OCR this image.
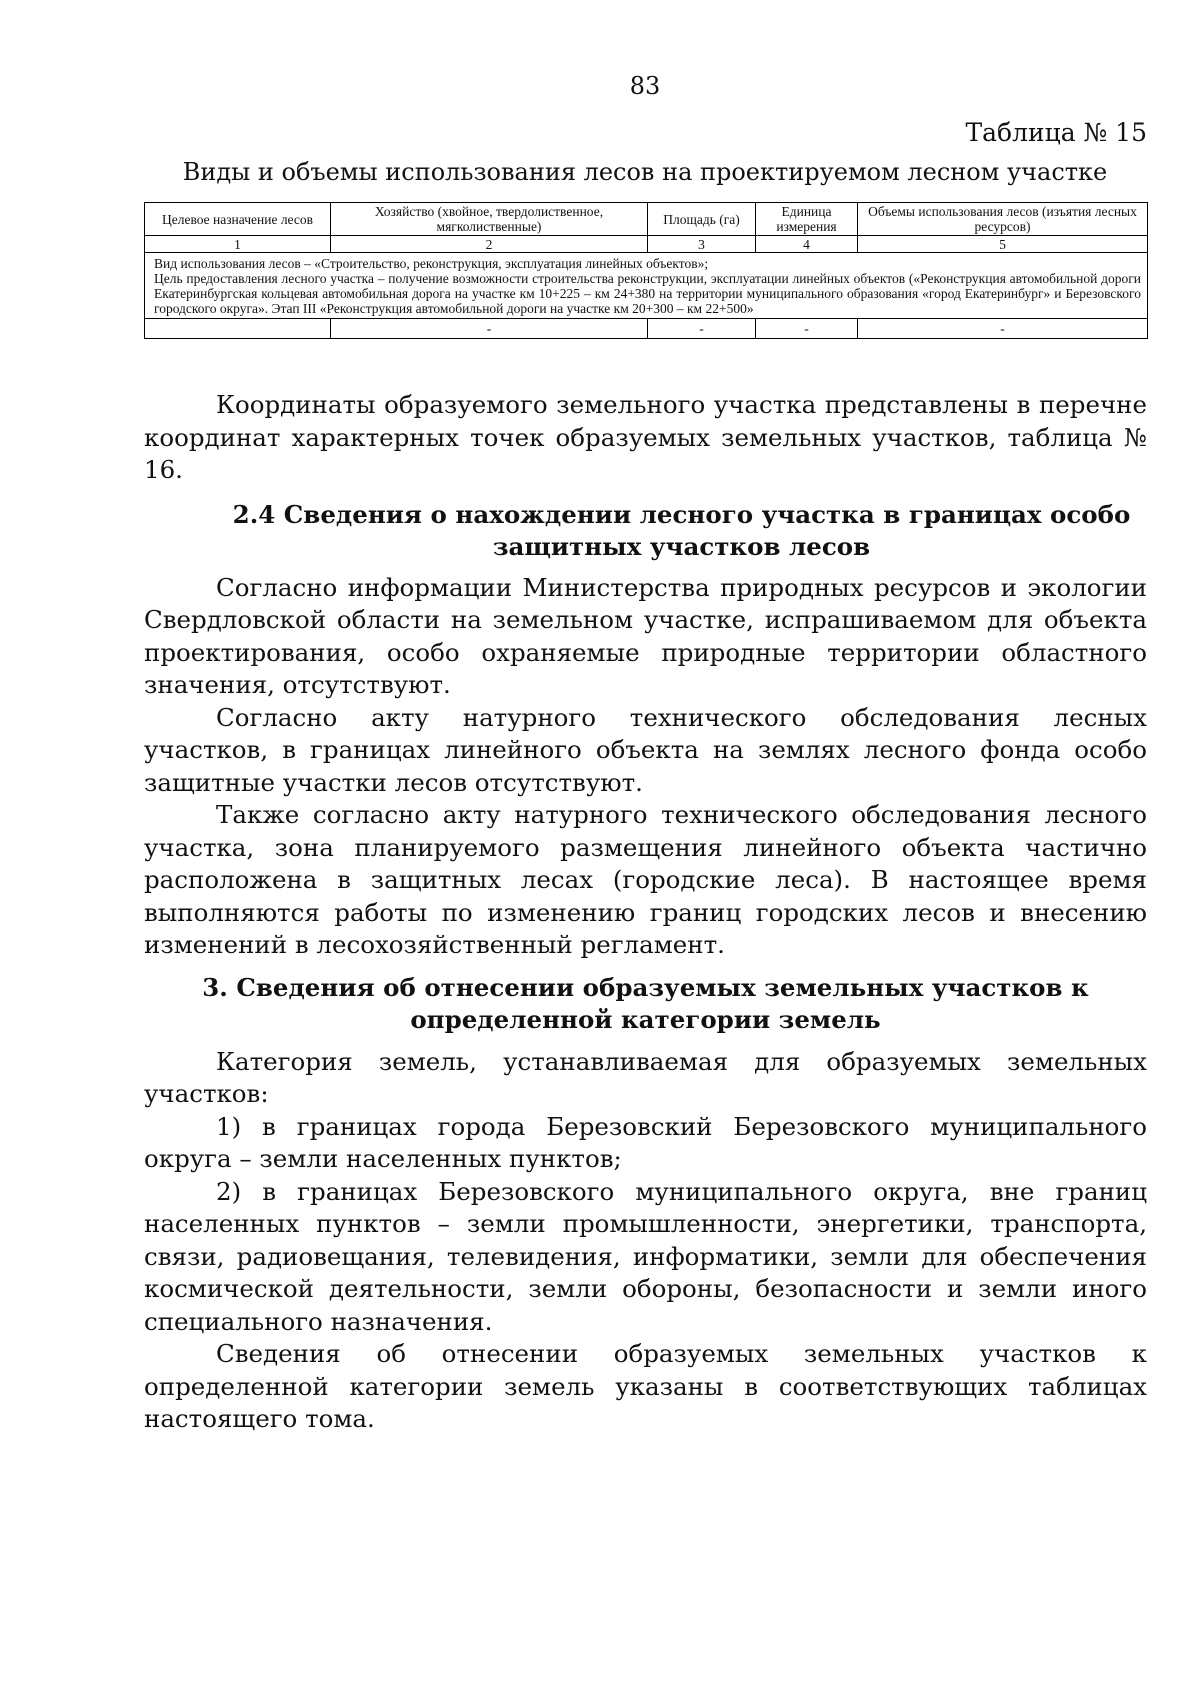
83
Таблица № 15
Виды и объемы использования лесов на проектируемом лесном участке
Целевое назначение лесов	Хозяйство (хвойное, твердолиственное, мягколиственные)	Площадь (га)	Единица измерения	Объемы использования лесов (изъятия лесных ресурсов)
1	2	3	4	5

Вид использования лесов – «Строительство, реконструкция, эксплуатация линейных объектов»;
Цель предоставления лесного участка – получение возможности строительства реконструкции, эксплуатации линейных объектов («Реконструкция автомобильной дороги Екатеринбургская кольцевая автомобильная дорога на участке км 10+225 – км 24+380 на территории муниципального образования «город Екатеринбург» и Березовского городского округа». Этап III «Реконструкция автомобильной дороги на участке км 20+300 – км 22+500»				

	-	-	-	-

Координаты образуемого земельного участка представлены в перечне координат характерных точек образуемых земельных участков, таблица № 16.

2.4 Сведения о нахождении лесного участка в границах особо защитных участков лесов

Согласно информации Министерства природных ресурсов и экологии Свердловской области на земельном участке, испрашиваемом для объекта проектирования, особо охраняемые природные территории областного значения, отсутствуют.

Согласно акту натурного технического обследования лесных участков, в границах линейного объекта на землях лесного фонда особо защитные участки лесов отсутствуют.

Также согласно акту натурного технического обследования лесного участка, зона планируемого размещения линейного объекта частично расположена в защитных лесах (городские леса). В настоящее время выполняются работы по изменению границ городских лесов и внесению изменений в лесохозяйственный регламент.

3. Сведения об отнесении образуемых земельных участков к определенной категории земель

Категория земель, устанавливаемая для образуемых земельных участков:

1) в границах города Березовский Березовского муниципального округа – земли населенных пунктов;

2) в границах Березовского муниципального округа, вне границ населенных пунктов – земли промышленности, энергетики, транспорта, связи, радиовещания, телевидения, информатики, земли для обеспечения космической деятельности, земли обороны, безопасности и земли иного специального назначения.

Сведения об отнесении образуемых земельных участков к определенной категории земель указаны в соответствующих таблицах настоящего тома.
